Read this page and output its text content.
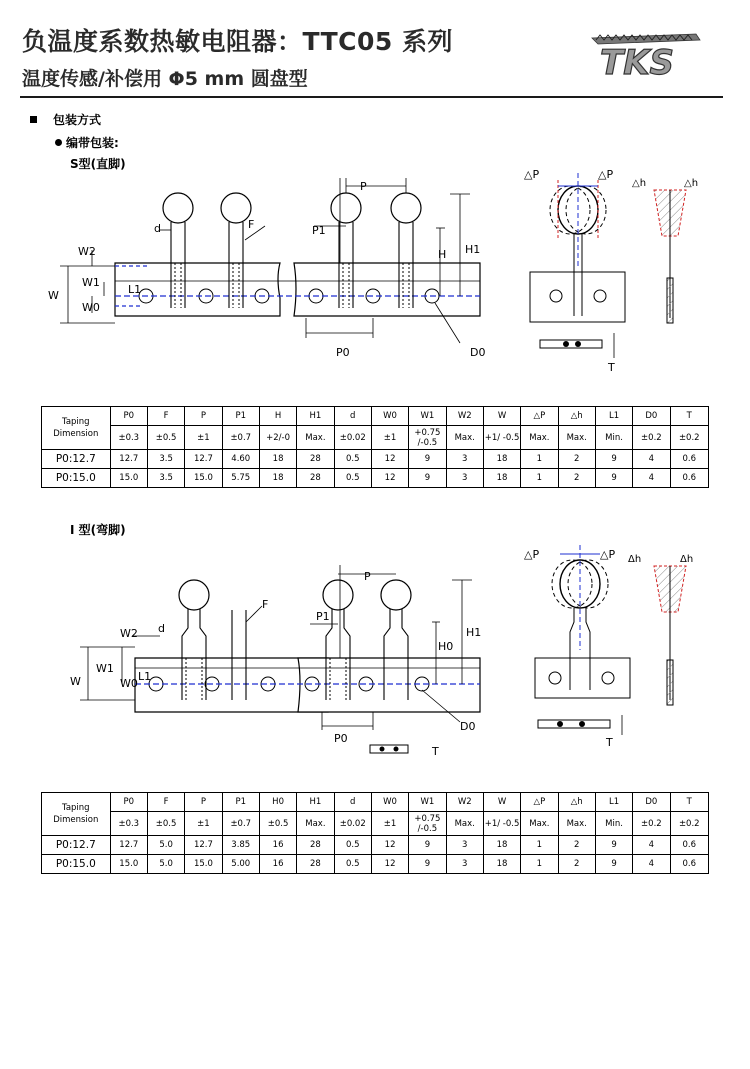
负温度系数热敏电阻器：TTC05 系列
温度传感/补偿用 Φ5 mm 圆盘型	TKS
包装方式
编带包装:
S型(直脚)
W
W2
W1
W0
L1
d	F
P
P1
H H1
P0	D0
△P	△P
T
△h	△h
Taping Dimension	P0	F	P	P1	H	H1	d	W0	W1	W2	W	△P	△h	L1	D0	T
	±0.3	±0.5	±1	±0.7	+2/-0	Max.	±0.02	±1	+0.75 /-0.5	Max.	+1/ -0.5	Max.	Max.	Min.	±0.2	±0.2
P0:12.7	12.7	3.5	12.7	4.60	18	28	0.5	12	9	3	18	1	2	9	4	0.6
P0:15.0	15.0	3.5	15.0	5.75	18	28	0.5	12	9	3	18	1	2	9	4	0.6
I 型(弯脚)
W
W2
W1
W0
L1
d
F
P
P1
H0
H1
P0
D0
T
△P	△P
T
Δh	Δh
Taping Dimension	P0	F	P	P1	H0	H1	d	W0	W1	W2	W	△P	△h	L1	D0	T
	±0.3	±0.5	±1	±0.7	±0.5	Max.	±0.02	±1	+0.75 /-0.5	Max.	+1/ -0.5	Max.	Max.	Min.	±0.2	±0.2
P0:12.7	12.7	5.0	12.7	3.85	16	28	0.5	12	9	3	18	1	2	9	4	0.6
P0:15.0	15.0	5.0	15.0	5.00	16	28	0.5	12	9	3	18	1	2	9	4	0.6
